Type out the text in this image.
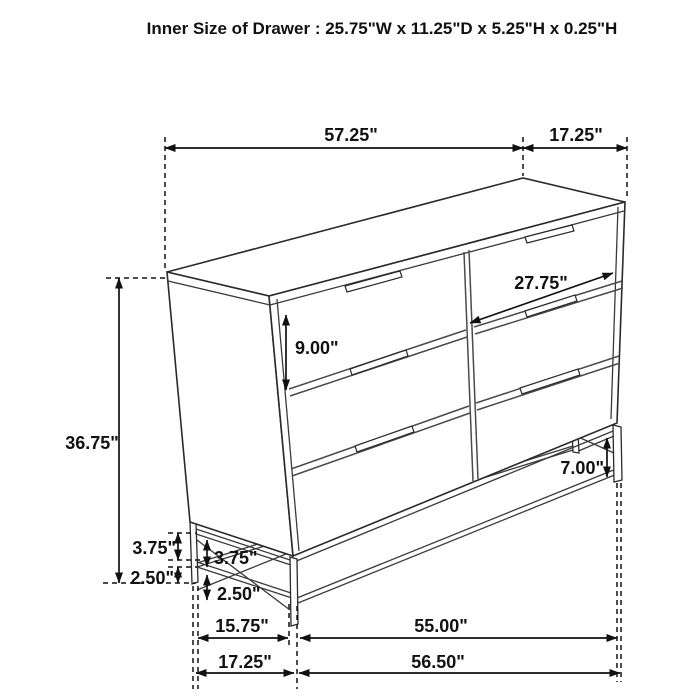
Inner Size of Drawer : 25.75"W x 11.25"D x 5.25"H x 0.25"H
57.25"	17.25"
36.75"
9.00"
27.75"
7.00"
3.75"
2.50"
3.75"
2.50"
15.75"	55.00"
17.25"	56.50"
